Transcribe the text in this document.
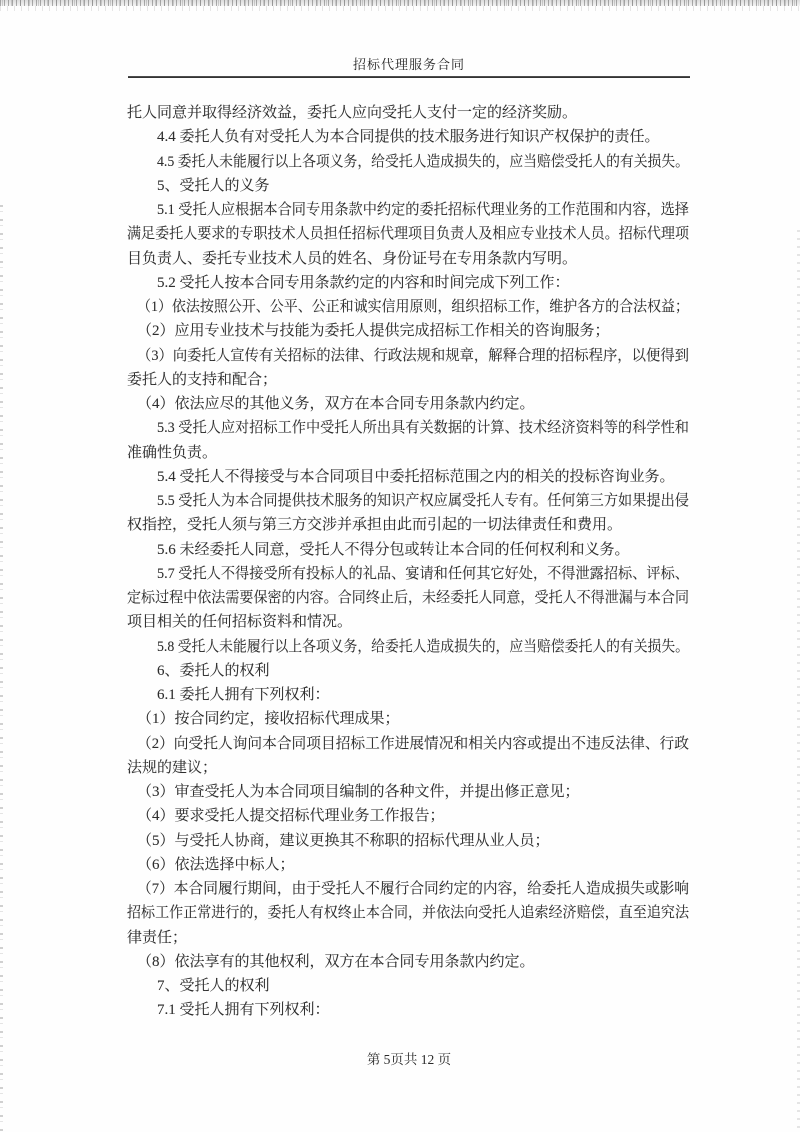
招标代理服务合同
托人同意并取得经济效益，委托人应向受托人支付一定的经济奖励。
4.4 委托人负有对受托人为本合同提供的技术服务进行知识产权保护的责任。
4.5 委托人未能履行以上各项义务，给受托人造成损失的，应当赔偿受托人的有关损失。
5、受托人的义务
5.1 受托人应根据本合同专用条款中约定的委托招标代理业务的工作范围和内容，选择
满足委托人要求的专职技术人员担任招标代理项目负责人及相应专业技术人员。招标代理项
目负责人、委托专业技术人员的姓名、身份证号在专用条款内写明。
5.2 受托人按本合同专用条款约定的内容和时间完成下列工作：
（1）依法按照公开、公平、公正和诚实信用原则，组织招标工作，维护各方的合法权益；
（2）应用专业技术与技能为委托人提供完成招标工作相关的咨询服务；
（3）向委托人宣传有关招标的法律、行政法规和规章，解释合理的招标程序，以便得到
委托人的支持和配合；
（4）依法应尽的其他义务，双方在本合同专用条款内约定。
5.3 受托人应对招标工作中受托人所出具有关数据的计算、技术经济资料等的科学性和
准确性负责。
5.4 受托人不得接受与本合同项目中委托招标范围之内的相关的投标咨询业务。
5.5 受托人为本合同提供技术服务的知识产权应属受托人专有。任何第三方如果提出侵
权指控，受托人须与第三方交涉并承担由此而引起的一切法律责任和费用。
5.6 未经委托人同意，受托人不得分包或转让本合同的任何权利和义务。
5.7 受托人不得接受所有投标人的礼品、宴请和任何其它好处，不得泄露招标、评标、
定标过程中依法需要保密的内容。合同终止后，未经委托人同意，受托人不得泄漏与本合同
项目相关的任何招标资料和情况。
5.8 受托人未能履行以上各项义务，给委托人造成损失的，应当赔偿委托人的有关损失。
6、委托人的权利
6.1 委托人拥有下列权利：
（1）按合同约定，接收招标代理成果；
（2）向受托人询问本合同项目招标工作进展情况和相关内容或提出不违反法律、行政
法规的建议；
（3）审查受托人为本合同项目编制的各种文件，并提出修正意见；
（4）要求受托人提交招标代理业务工作报告；
（5）与受托人协商，建议更换其不称职的招标代理从业人员；
（6）依法选择中标人；
（7）本合同履行期间，由于受托人不履行合同约定的内容，给委托人造成损失或影响
招标工作正常进行的，委托人有权终止本合同，并依法向受托人追索经济赔偿，直至追究法
律责任；
（8）依法享有的其他权利，双方在本合同专用条款内约定。
7、受托人的权利
7.1 受托人拥有下列权利：
第 5页共 12 页
